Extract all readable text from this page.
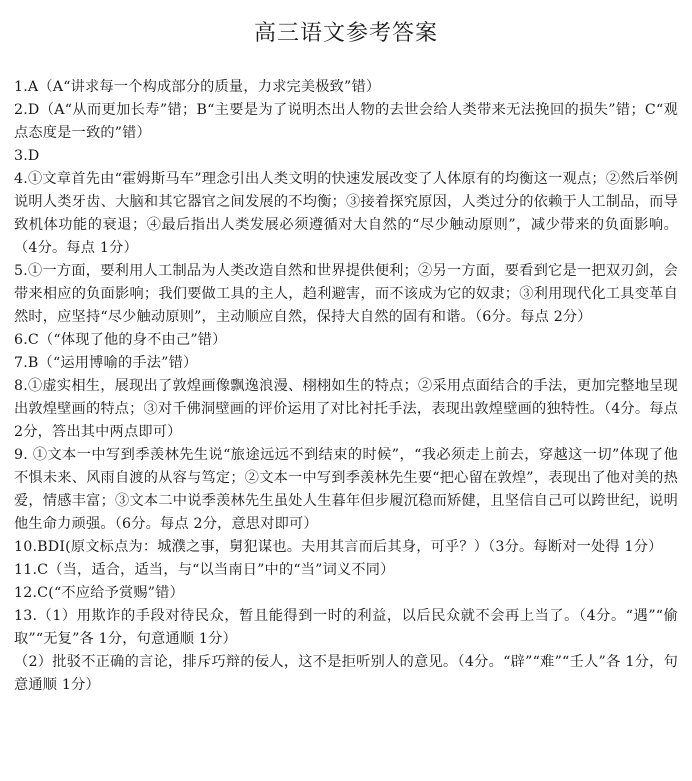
高三语文参考答案
1.A（A“讲求每一个构成部分的质量，力求完美极致”错）
2.D（A“从而更加长寿”错；B“主要是为了说明杰出人物的去世会给人类带来无法挽回的损失”错；C“观点态度是一致的”错）
3.D
4.①文章首先由“霍姆斯马车”理念引出人类文明的快速发展改变了人体原有的均衡这一观点；②然后举例说明人类牙齿、大脑和其它器官之间发展的不均衡；③接着探究原因，人类过分的依赖于人工制品，而导致机体功能的衰退；④最后指出人类发展必须遵循对大自然的“尽少触动原则”，减少带来的负面影响。（4分。每点 1分）
5.①一方面，要利用人工制品为人类改造自然和世界提供便利；②另一方面，要看到它是一把双刃剑，会带来相应的负面影响；我们要做工具的主人，趋利避害，而不该成为它的奴隶；③利用现代化工具变革自然时，应坚持“尽少触动原则”，主动顺应自然，保持大自然的固有和谐。（6分。每点 2分）
6.C（“体现了他的身不由己”错）
7.B（“运用博喻的手法”错）
8.①虚实相生，展现出了敦煌画像飘逸浪漫、栩栩如生的特点；②采用点面结合的手法，更加完整地呈现出敦煌壁画的特点；③对千佛洞壁画的评价运用了对比衬托手法，表现出敦煌壁画的独特性。（4分。每点 2分，答出其中两点即可）
9. ①文本一中写到季羡林先生说“旅途远远不到结束的时候”，“我必须走上前去，穿越这一切”体现了他不惧未来、风雨自渡的从容与笃定；②文本一中写到季羡林先生要“把心留在敦煌”，表现出了他对美的热爱，情感丰富；③文本二中说季羡林先生虽处人生暮年但步履沉稳而矫健，且坚信自己可以跨世纪，说明他生命力顽强。（6分。每点 2分，意思对即可）
10.BDI(原文标点为：城濮之事，舅犯谋也。夫用其言而后其身，可乎？）（3分。每断对一处得 1分）
11.C（当，适合，适当，与“以当南日”中的“当”词义不同）
12.C(“不应给予赏赐”错）
13.（1）用欺诈的手段对待民众，暂且能得到一时的利益，以后民众就不会再上当了。（4分。“遇”“偷取”“无复”各 1分，句意通顺 1分）
（2）批驳不正确的言论，排斥巧辩的佞人，这不是拒听别人的意见。（4分。“辟”“难”“壬人”各 1分，句意通顺 1分）
